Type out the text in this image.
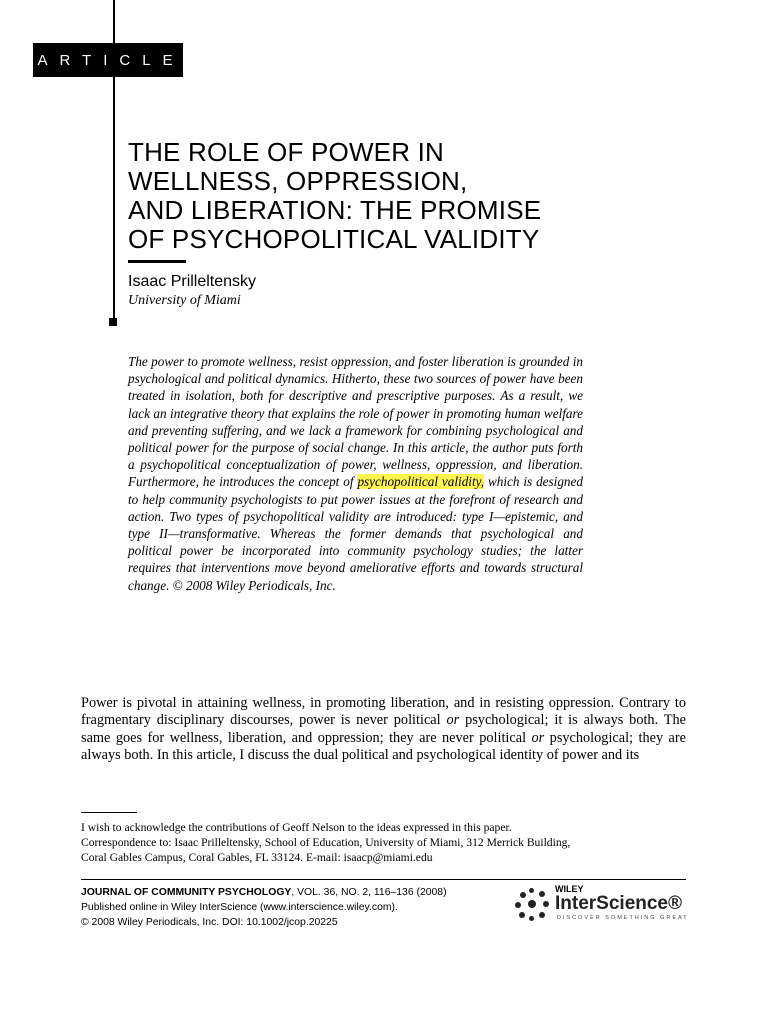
ARTICLE
THE ROLE OF POWER IN
WELLNESS, OPPRESSION,
AND LIBERATION: THE PROMISE
OF PSYCHOPOLITICAL VALIDITY
Isaac Prilleltensky
University of Miami

The power to promote wellness, resist oppression, and foster liberation is grounded in psychological and political dynamics. Hitherto, these two sources of power have been treated in isolation, both for descriptive and prescriptive purposes. As a result, we lack an integrative theory that explains the role of power in promoting human welfare and preventing suffering, and we lack a framework for combining psychological and political power for the purpose of social change. In this article, the author puts forth a psychopolitical conceptualization of power, wellness, oppression, and liberation. Furthermore, he introduces the concept of psychopolitical validity, which is designed to help community psychologists to put power issues at the forefront of research and action. Two types of psychopolitical validity are introduced: type I—epistemic, and type II—transformative. Whereas the former demands that psychological and political power be incorporated into community psychology studies; the latter requires that interventions move beyond ameliorative efforts and towards structural change. © 2008 Wiley Periodicals, Inc.

Power is pivotal in attaining wellness, in promoting liberation, and in resisting oppression. Contrary to fragmentary disciplinary discourses, power is never political or psychological; it is always both. The same goes for wellness, liberation, and oppression; they are never political or psychological; they are always both. In this article, I discuss the dual political and psychological identity of power and its

I wish to acknowledge the contributions of Geoff Nelson to the ideas expressed in this paper.
Correspondence to: Isaac Prilleltensky, School of Education, University of Miami, 312 Merrick Building,
Coral Gables Campus, Coral Gables, FL 33124. E-mail: isaacp@miami.edu
JOURNAL OF COMMUNITY PSYCHOLOGY, VOL. 36, NO. 2, 116–136 (2008)
Published online in Wiley InterScience (www.interscience.wiley.com).
© 2008 Wiley Periodicals, Inc. DOI: 10.1002/jcop.20225
WILEY
InterScience®
DISCOVER SOMETHING GREAT
